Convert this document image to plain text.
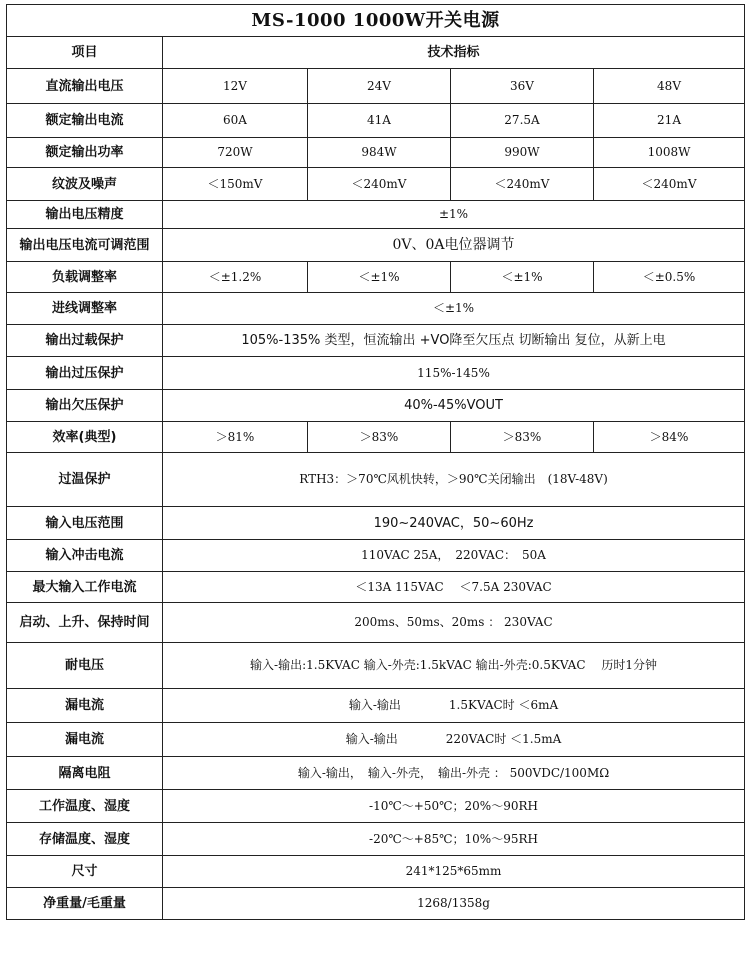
MS-1000 1000W开关电源				
项目	技术指标			
直流输出电压	12V	24V	36V	48V
额定输出电流	60A	41A	27.5A	21A
额定输出功率	720W	984W	990W	1008W
纹波及噪声	＜150mV	＜240mV	＜240mV	＜240mV
输出电压精度	±1%			
输出电压电流可调范围	0V、0A电位器调节			
负载调整率	＜±1.2%	＜±1%	＜±1%	＜±0.5%
进线调整率	＜±1%			
输出过载保护	105%-135% 类型，恒流输出 +VO降至欠压点 切断输出 复位，从新上电			
输出过压保护	115%-145%			
输出欠压保护	40%-45%VOUT			
效率(典型)	＞81%	＞83%	＞83%	＞84%
过温保护	RTH3：＞70℃风机快转，＞90℃关闭输出　(18V-48V)			
输入电压范围	190~240VAC，50~60Hz			
输入冲击电流	110VAC 25A，　220VAC：　50A			
最大输入工作电流	＜13A 115VAC　 ＜7.5A 230VAC			
启动、上升、保持时间	200ms、50ms、20ms ： 230VAC			
耐电压	输入-输出:1.5KVAC 输入-外壳:1.5kVAC 输出-外壳:0.5KVAC　 历时1分钟			
漏电流	输入-输出　　　　1.5KVAC时 ＜6mA			
漏电流	输入-输出　　　　220VAC时 ＜1.5mA			
隔离电阻	输入-输出，　输入-外壳，　输出-外壳 ： 500VDC/100MΩ			
工作温度、湿度	-10℃～+50℃；20%～90RH			
存储温度、湿度	-20℃～+85℃；10%～95RH			
尺寸	241*125*65mm			
净重量/毛重量	1268/1358g			
